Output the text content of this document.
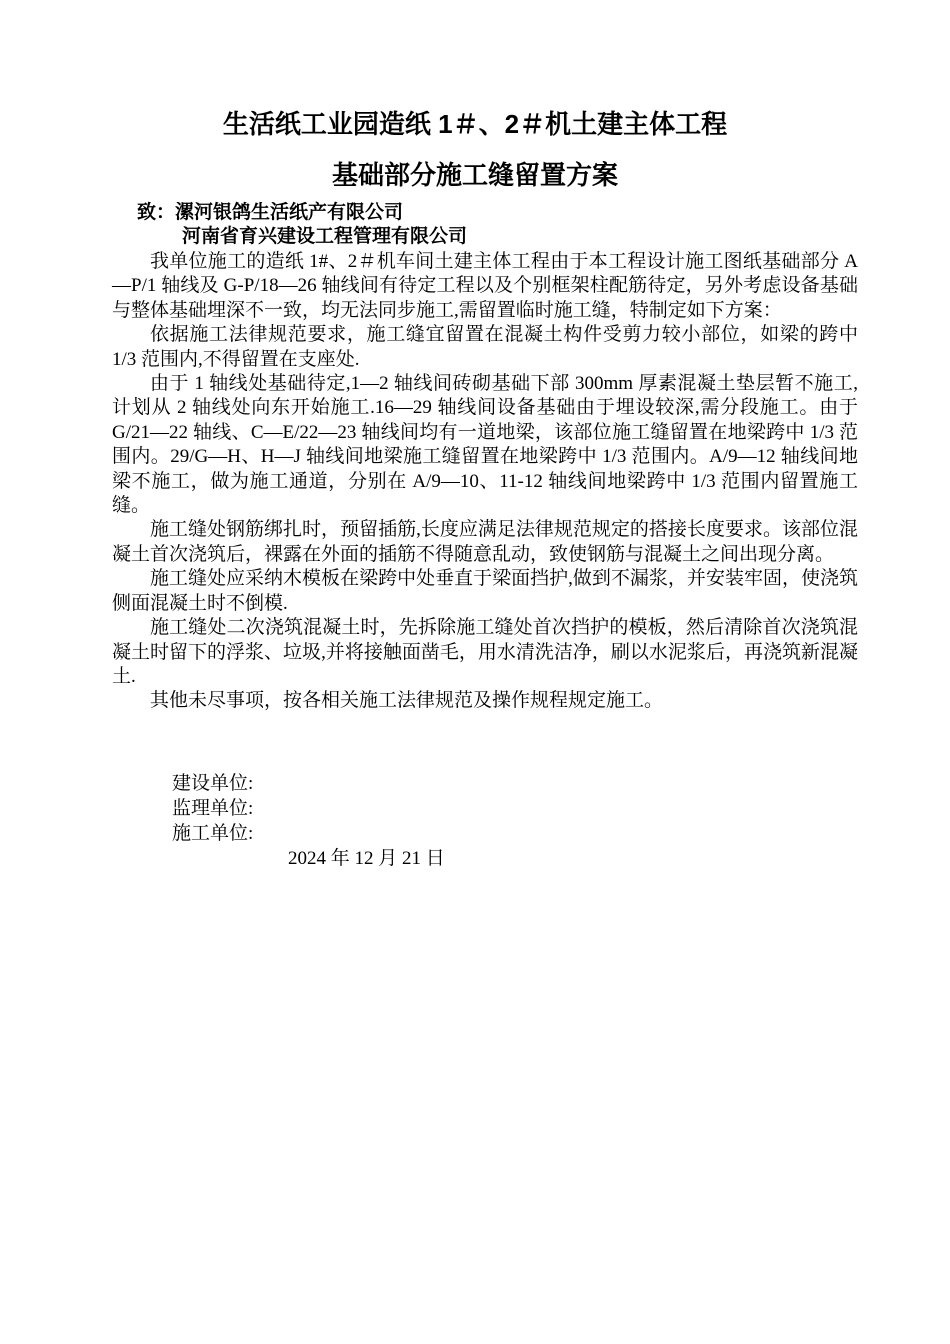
生活纸工业园造纸 1＃、2＃机土建主体工程
基础部分施工缝留置方案
致：漯河银鸽生活纸产有限公司
河南省育兴建设工程管理有限公司

我单位施工的造纸 1#、2＃机车间土建主体工程由于本工程设计施工图纸基础部分 A—P/1 轴线及 G-P/18—26 轴线间有待定工程以及个别框架柱配筋待定，另外考虑设备基础与整体基础埋深不一致，均无法同步施工,需留置临时施工缝，特制定如下方案：

依据施工法律规范要求，施工缝宜留置在混凝土构件受剪力较小部位，如梁的跨中 1/3 范围内,不得留置在支座处.

由于 1 轴线处基础待定,1—2 轴线间砖砌基础下部 300mm 厚素混凝土垫层暂不施工,计划从 2 轴线处向东开始施工.16—29 轴线间设备基础由于埋设较深,需分段施工。由于 G/21—22 轴线、C—E/22—23 轴线间均有一道地梁，该部位施工缝留置在地梁跨中 1/3 范围内。29/G—H、H—J 轴线间地梁施工缝留置在地梁跨中 1/3 范围内。A/9—12 轴线间地梁不施工，做为施工通道，分别在 A/9—10、11-12 轴线间地梁跨中 1/3 范围内留置施工缝。

施工缝处钢筋绑扎时，预留插筋,长度应满足法律规范规定的搭接长度要求。该部位混凝土首次浇筑后，裸露在外面的插筋不得随意乱动，致使钢筋与混凝土之间出现分离。

施工缝处应采纳木模板在梁跨中处垂直于梁面挡护,做到不漏浆，并安装牢固，使浇筑侧面混凝土时不倒模.

施工缝处二次浇筑混凝土时，先拆除施工缝处首次挡护的模板，然后清除首次浇筑混凝土时留下的浮浆、垃圾,并将接触面凿毛，用水清洗洁净，刷以水泥浆后，再浇筑新混凝土.

其他未尽事项，按各相关施工法律规范及操作规程规定施工。

建设单位:
监理单位:
施工单位:
2024 年 12 月 21 日
